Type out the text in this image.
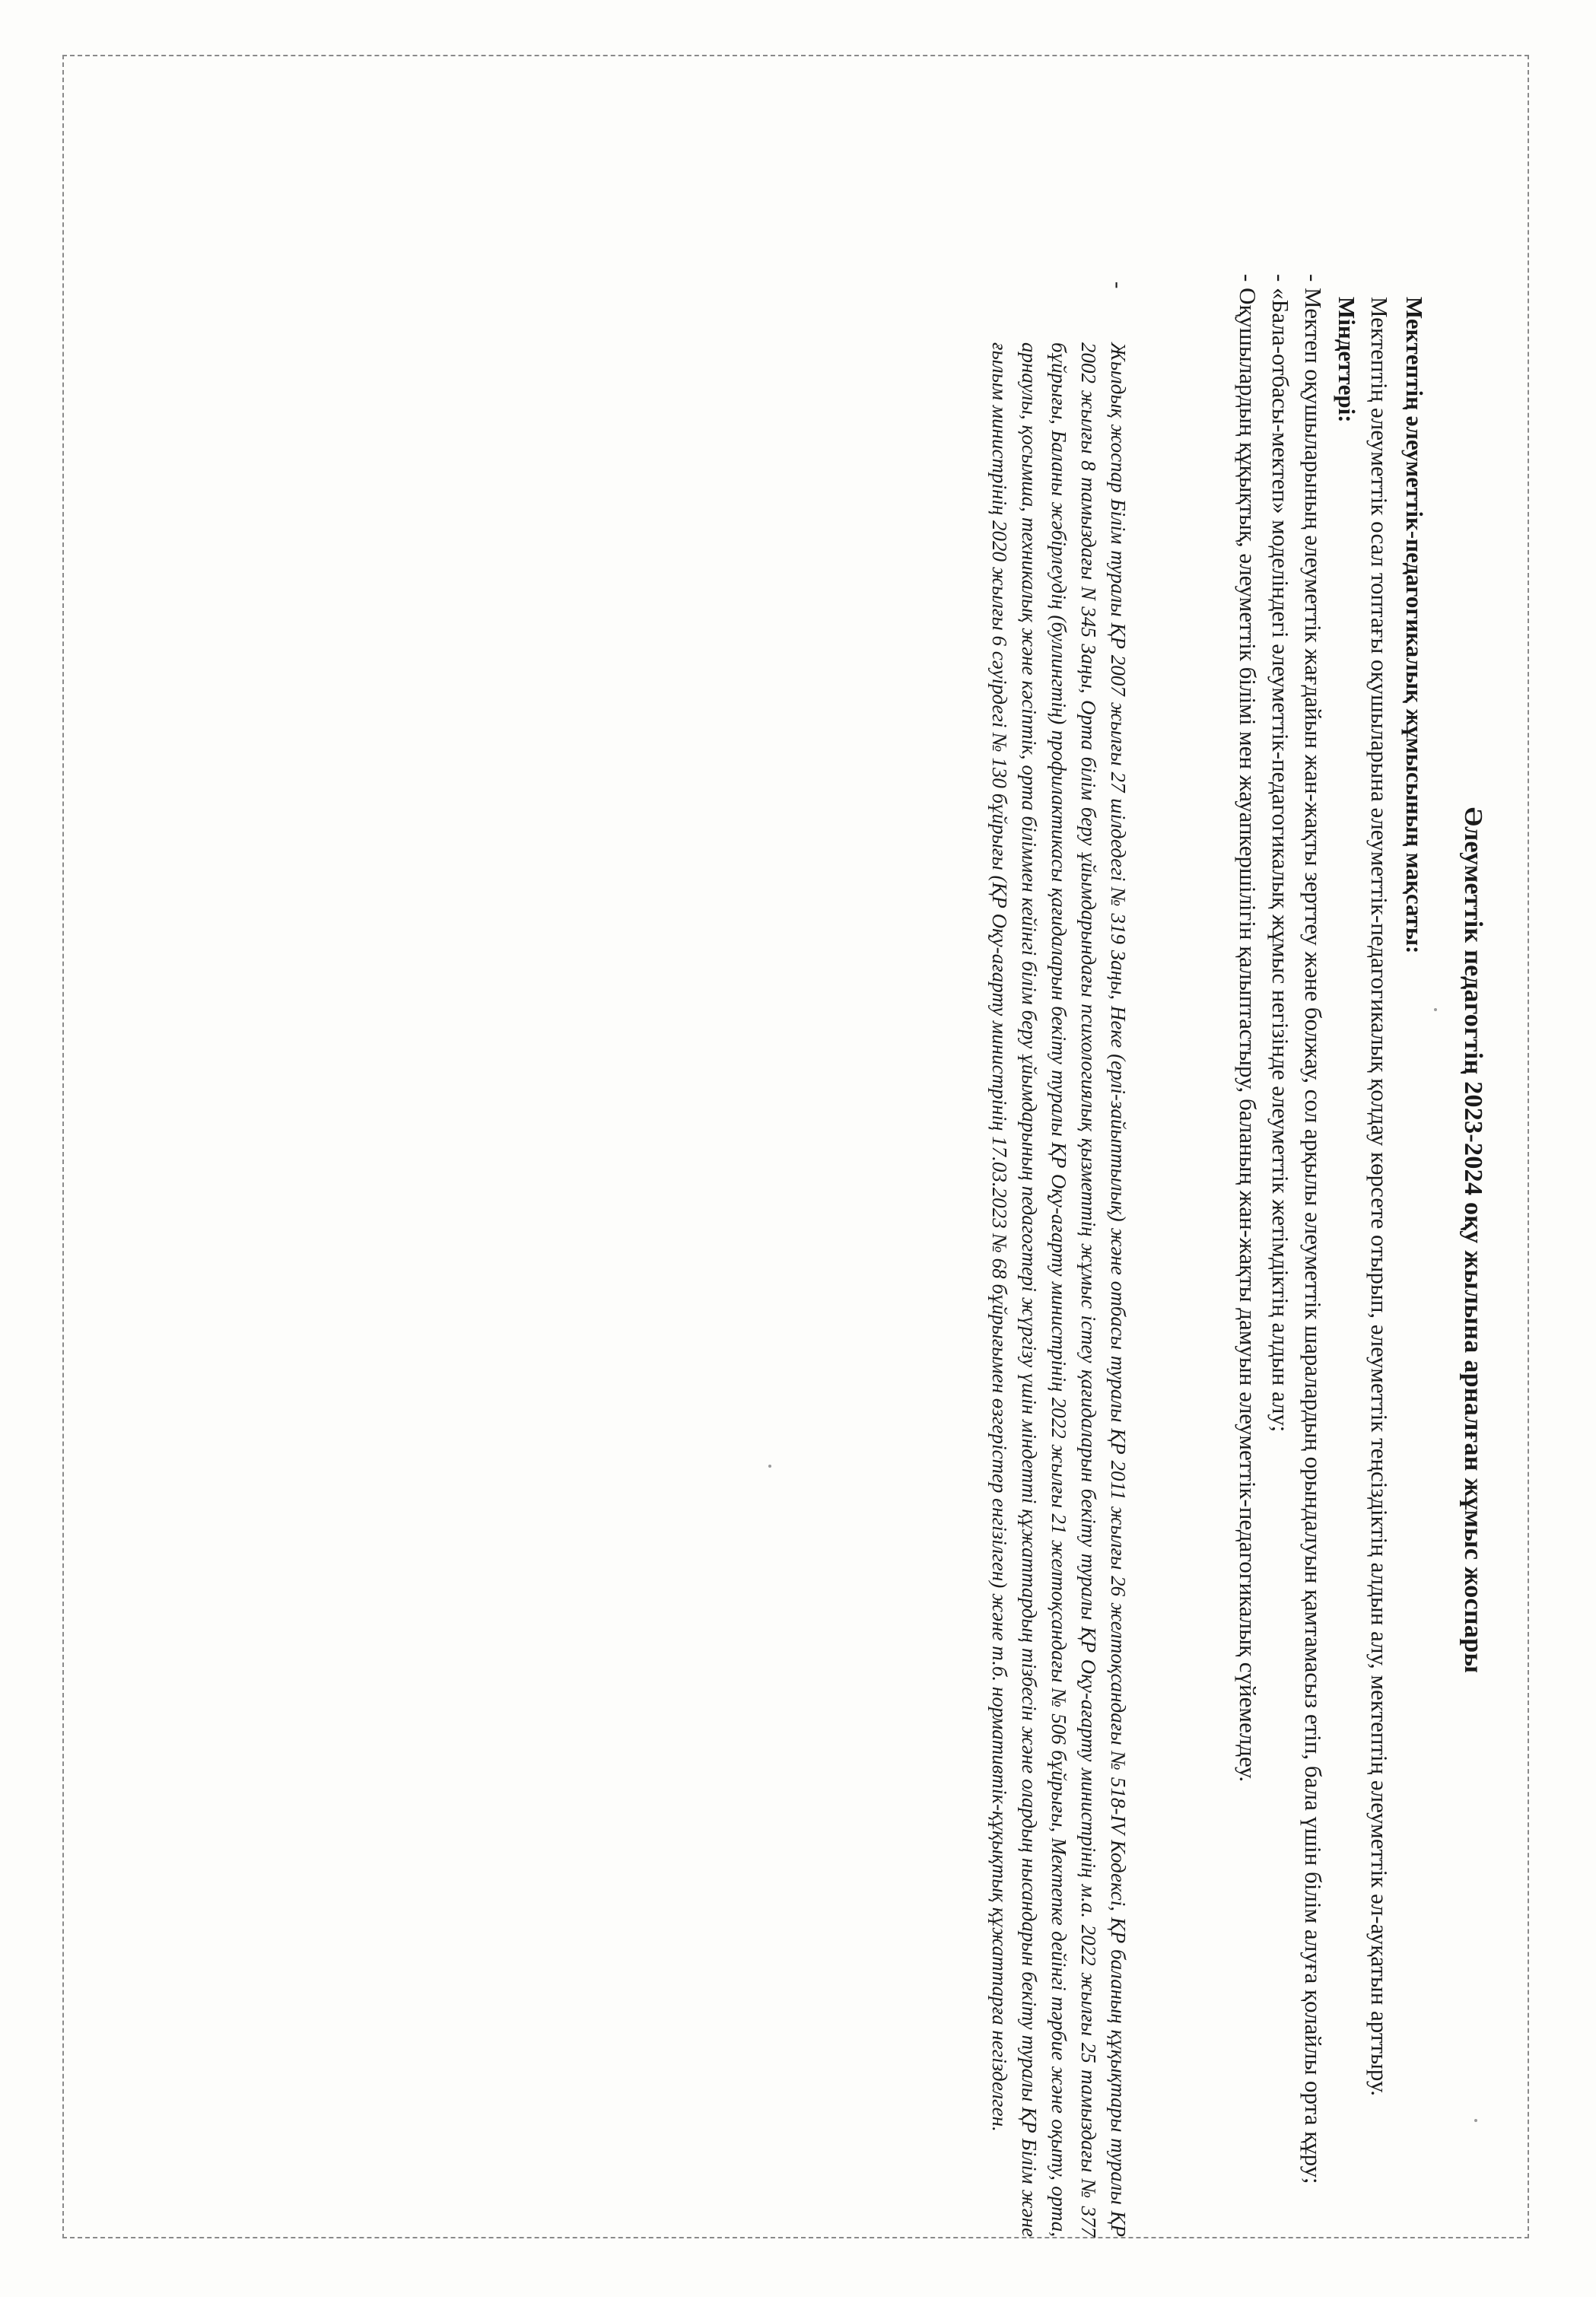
Әлеуметтік педагогтің 2023-2024 оқу жылына арналған жұмыс жоспары
Мектептің әлеуметтік-педагогикалық жұмысының мақсаты:

Мектептің әлеуметтік осал топтағы оқушыларына әлеуметтік-педагогикалық қолдау көрсете отырып, әлеуметтік теңсіздіктің алдын алу, мектептің әлеуметтік әл-ауқатын арттыру.

Міндеттері:

- Мектеп оқушыларының әлеуметтік жағдайын жан-жақты зерттеу және болжау, сол арқылы әлеуметтік шаралардың орындалуын қамтамасыз етіп, бала үшін білім алуға қолайлы орта құру;

- «Бала-отбасы-мектеп» моделіндегі әлеуметтік-педагогикалық жұмыс негізінде әлеуметтік жетімдіктің алдын алу;

- Оқушылардың құқықтық, әлеуметтік білімі мен жауапкершілігін қалыптастыру, баланың жан-жақты дамуын әлеуметтік-педагогикалық сүйемелдеу.

-

Жылдық жоспар Білім туралы ҚР 2007 жылғы 27 шілдедегі № 319 Заңы, Неке (ерлі-зайыптылық) және отбасы туралы ҚР 2011 жылғы 26 желтоқсандағы № 518-IV Кодексі, ҚР баланың құқықтары туралы ҚР 2002 жылғы 8 тамыздағы N 345 Заңы, Орта білім беру ұйымдарындағы психологиялық қызметтің жұмыс істеу қағидаларын бекіту туралы ҚР Оқу-ағарту министрінің м.а. 2022 жылғы 25 тамыздағы № 377 бұйрығы, Баланы жәбірлеудің (буллингтің) профилактикасы қағидаларын бекіту туралы ҚР Оқу-ағарту министрінің 2022 жылғы 21 желтоқсандағы № 506 бұйрығы, Мектепке дейінгі тәрбие және оқыту, орта, арнаулы, қосымша, техникалық және кәсіптік, орта біліммен кейінгі білім беру ұйымдарының педагогтері жүргізу үшін міндетті құжаттардың тізбесін және олардың нысандарын бекіту туралы ҚР Білім және ғылым министрінің 2020 жылғы 6 сәуірдегі № 130 бұйрығы (ҚР Оқу-ағарту министрінің 17.03.2023 № 68 бұйрығымен өзгерістер енгізілген) және т.б. нормативтік-құқықтық құжаттарға негізделген.
